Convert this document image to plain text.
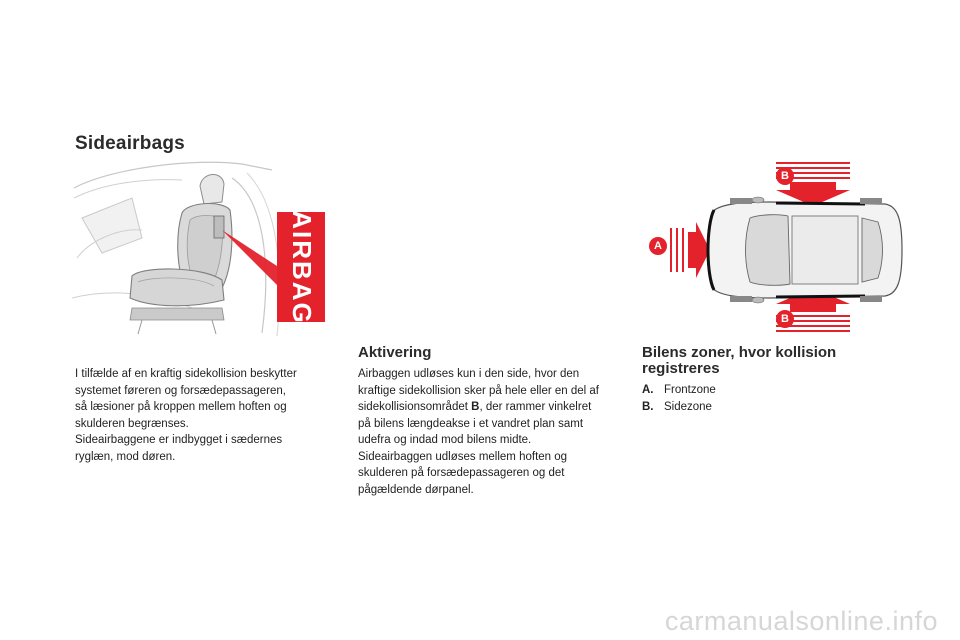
Sideairbags
AIRBAG	A
B
B
I tilfælde af en kraftig sidekollision beskytter
systemet føreren og forsædepassageren,
så læsioner på kroppen mellem hoften og
skulderen begrænses.
Sideairbaggene er indbygget i sædernes
ryglæn, mod døren.
Aktivering
Airbaggen udløses kun i den side, hvor den
kraftige sidekollision sker på hele eller en del af
sidekollisionsområdet B, der rammer vinkelret
på bilens længdeakse i et vandret plan samt
udefra og indad mod bilens midte.
Sideairbaggen udløses mellem hoften og
skulderen på forsædepassageren og det
pågældende dørpanel.
Bilens zoner, hvor kollision
registreres
A. Frontzone
B. Sidezone
carmanualsonline.info
